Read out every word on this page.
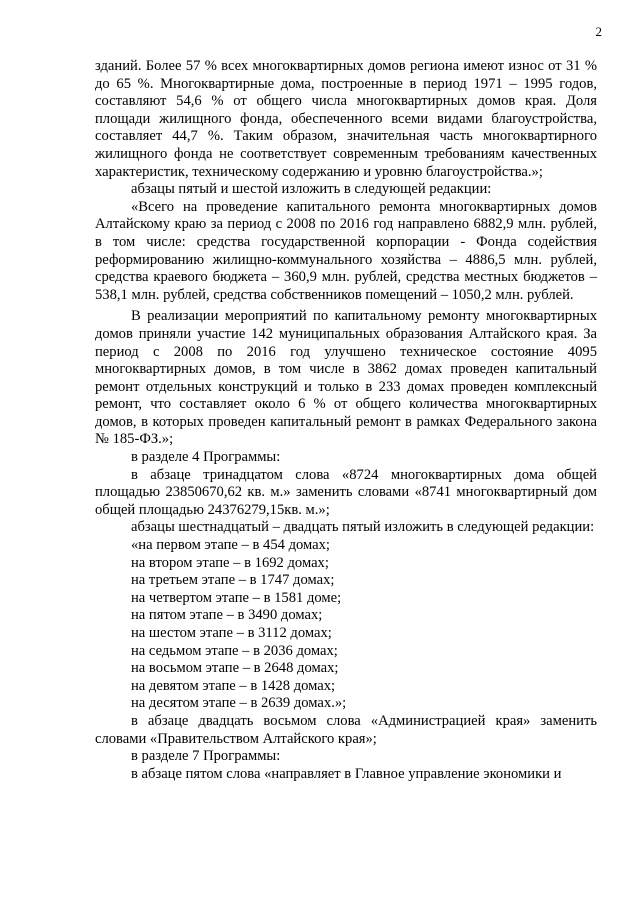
2

зданий. Более 57 % всех многоквартирных домов региона имеют износ от 31 % до 65 %. Многоквартирные дома, построенные в период 1971 – 1995 годов, составляют 54,6 % от общего числа многоквартирных домов края. Доля площади жилищного фонда, обеспеченного всеми видами благоустройства, составляет 44,7 %. Таким образом, значительная часть многоквартирного жилищного фонда не соответствует современным требованиям качественных характеристик, техническому содержанию и уровню благоустройства.»;

абзацы пятый и шестой изложить в следующей редакции:

«Всего на проведение капитального ремонта многоквартирных домов Алтайскому краю за период с 2008 по 2016 год направлено 6882,9 млн. рублей, в том числе: средства государственной корпорации - Фонда содействия реформированию жилищно-коммунального хозяйства – 4886,5 млн. рублей, средства краевого бюджета – 360,9 млн. рублей, средства местных бюджетов – 538,1 млн. рублей, средства собственников помещений – 1050,2 млн. рублей.

В реализации мероприятий по капитальному ремонту многоквартирных домов приняли участие 142 муниципальных образования Алтайского края. За период с 2008 по 2016 год улучшено техническое состояние 4095 многоквартирных домов, в том числе в 3862 домах проведен капитальный ремонт отдельных конструкций и только в 233 домах проведен комплексный ремонт, что составляет около 6 % от общего количества многоквартирных домов, в которых проведен капитальный ремонт в рамках Федерального закона № 185-ФЗ.»;

в разделе 4 Программы:

в абзаце тринадцатом слова «8724 многоквартирных дома общей площадью 23850670,62 кв. м.» заменить словами «8741 многоквартирный дом общей площадью 24376279,15кв. м.»;

абзацы шестнадцатый – двадцать пятый изложить в следующей редакции:

«на первом этапе – в 454 домах;

на втором этапе – в 1692 домах;

на третьем этапе – в 1747 домах;

на четвертом этапе – в 1581 доме;

на пятом этапе – в 3490 домах;

на шестом этапе – в 3112 домах;

на седьмом этапе – в 2036 домах;

на восьмом этапе – в 2648 домах;

на девятом этапе – в 1428 домах;

на десятом этапе – в 2639 домах.»;

в абзаце двадцать восьмом слова «Администрацией края» заменить словами «Правительством Алтайского края»;

в разделе 7 Программы:

в абзаце пятом слова «направляет в Главное управление экономики и
